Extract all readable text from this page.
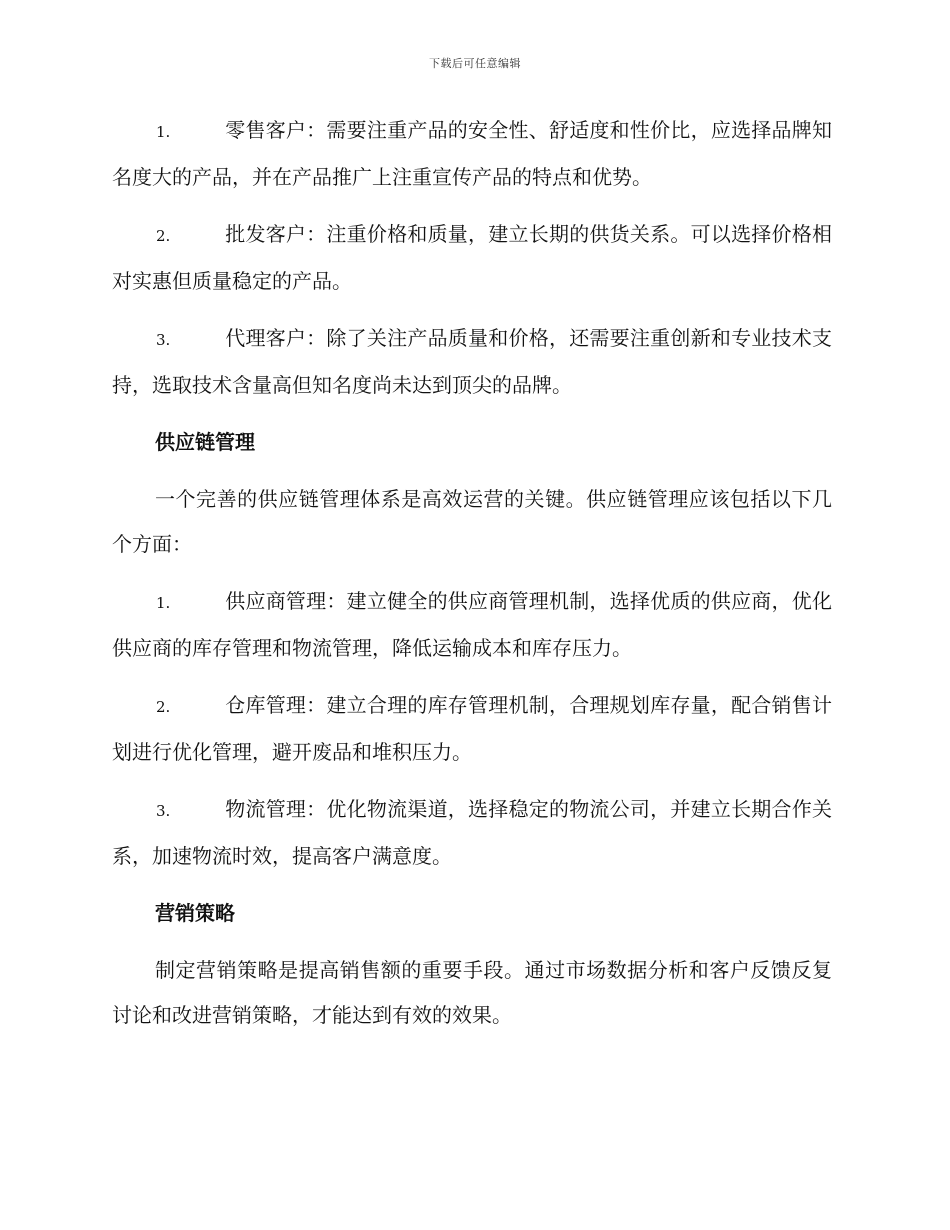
下载后可任意编辑

1.	零售客户：需要注重产品的安全性、舒适度和性价比，应选择品牌知名度大的产品，并在产品推广上注重宣传产品的特点和优势。

2.	批发客户：注重价格和质量，建立长期的供货关系。可以选择价格相对实惠但质量稳定的产品。

3.	代理客户：除了关注产品质量和价格，还需要注重创新和专业技术支持，选取技术含量高但知名度尚未达到顶尖的品牌。

供应链管理

一个完善的供应链管理体系是高效运营的关键。供应链管理应该包括以下几个方面：

1.	供应商管理：建立健全的供应商管理机制，选择优质的供应商，优化供应商的库存管理和物流管理，降低运输成本和库存压力。

2.	仓库管理：建立合理的库存管理机制，合理规划库存量，配合销售计划进行优化管理，避开废品和堆积压力。

3.	物流管理：优化物流渠道，选择稳定的物流公司，并建立长期合作关系，加速物流时效，提高客户满意度。

营销策略

制定营销策略是提高销售额的重要手段。通过市场数据分析和客户反馈反复讨论和改进营销策略，才能达到有效的效果。
